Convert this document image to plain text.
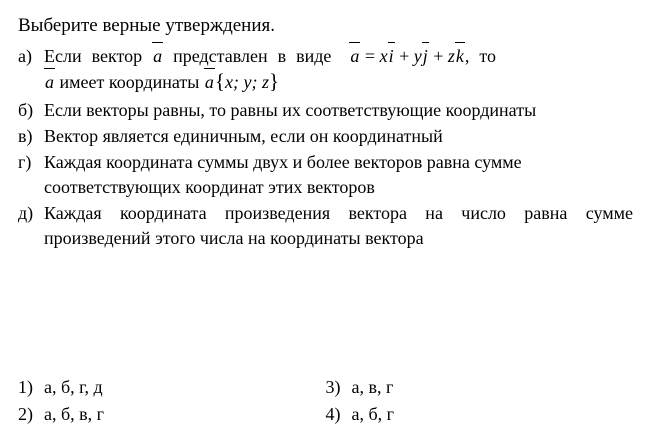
Выберите верные утверждения.
а) Если вектор a представлен в виде a = xi + yj + zk, то
a имеет координаты a{x; y; z}
б) Если векторы равны, то равны их соответствующие координаты
в) Вектор является единичным, если он координатный
г) Каждая координата суммы двух и более векторов равна сумме соответствующих координат этих векторов
д) Каждая координата произведения вектора на число равна сумме произведений этого числа на координаты вектора
1) а, б, г, д	3) а, в, г
2) а, б, в, г	4) а, б, г
